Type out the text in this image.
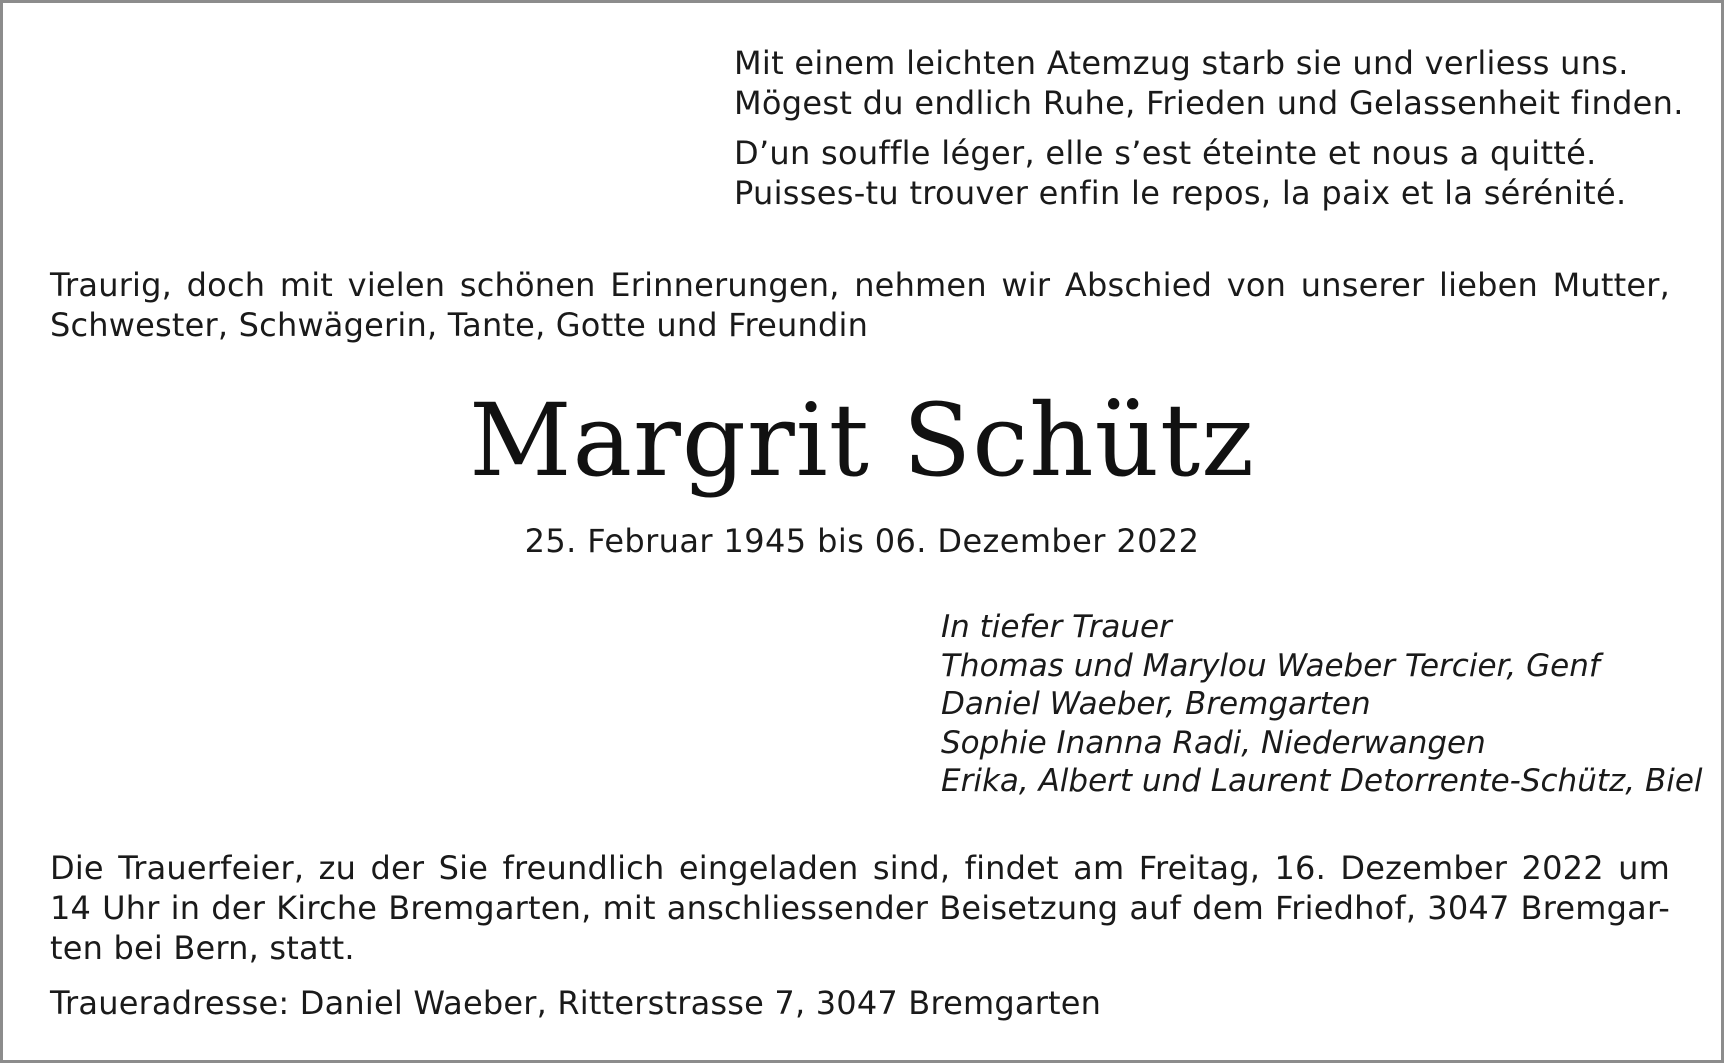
Mit einem leichten Atemzug starb sie und verliess uns.
Mögest du endlich Ruhe, Frieden und Gelassenheit finden.
D’un souffle léger, elle s’est éteinte et nous a quitté.
Puisses-tu trouver enfin le repos, la paix et la sérénité.
Traurig, doch mit vielen schönen Erinnerungen, nehmen wir Abschied von unserer lieben Mutter,
Schwester, Schwägerin, Tante, Gotte und Freundin
Margrit Schütz
25. Februar 1945 bis 06. Dezember 2022
In tiefer Trauer
Thomas und Marylou Waeber Tercier, Genf
Daniel Waeber, Bremgarten
Sophie Inanna Radi, Niederwangen
Erika, Albert und Laurent Detorrente-Schütz, Biel
Die Trauerfeier, zu der Sie freundlich eingeladen sind, findet am Freitag, 16. Dezember 2022 um
14 Uhr in der Kirche Bremgarten, mit anschliessender Beisetzung auf dem Friedhof, 3047 Bremgar-
ten bei Bern, statt.
Traueradresse: Daniel Waeber, Ritterstrasse 7, 3047 Bremgarten
